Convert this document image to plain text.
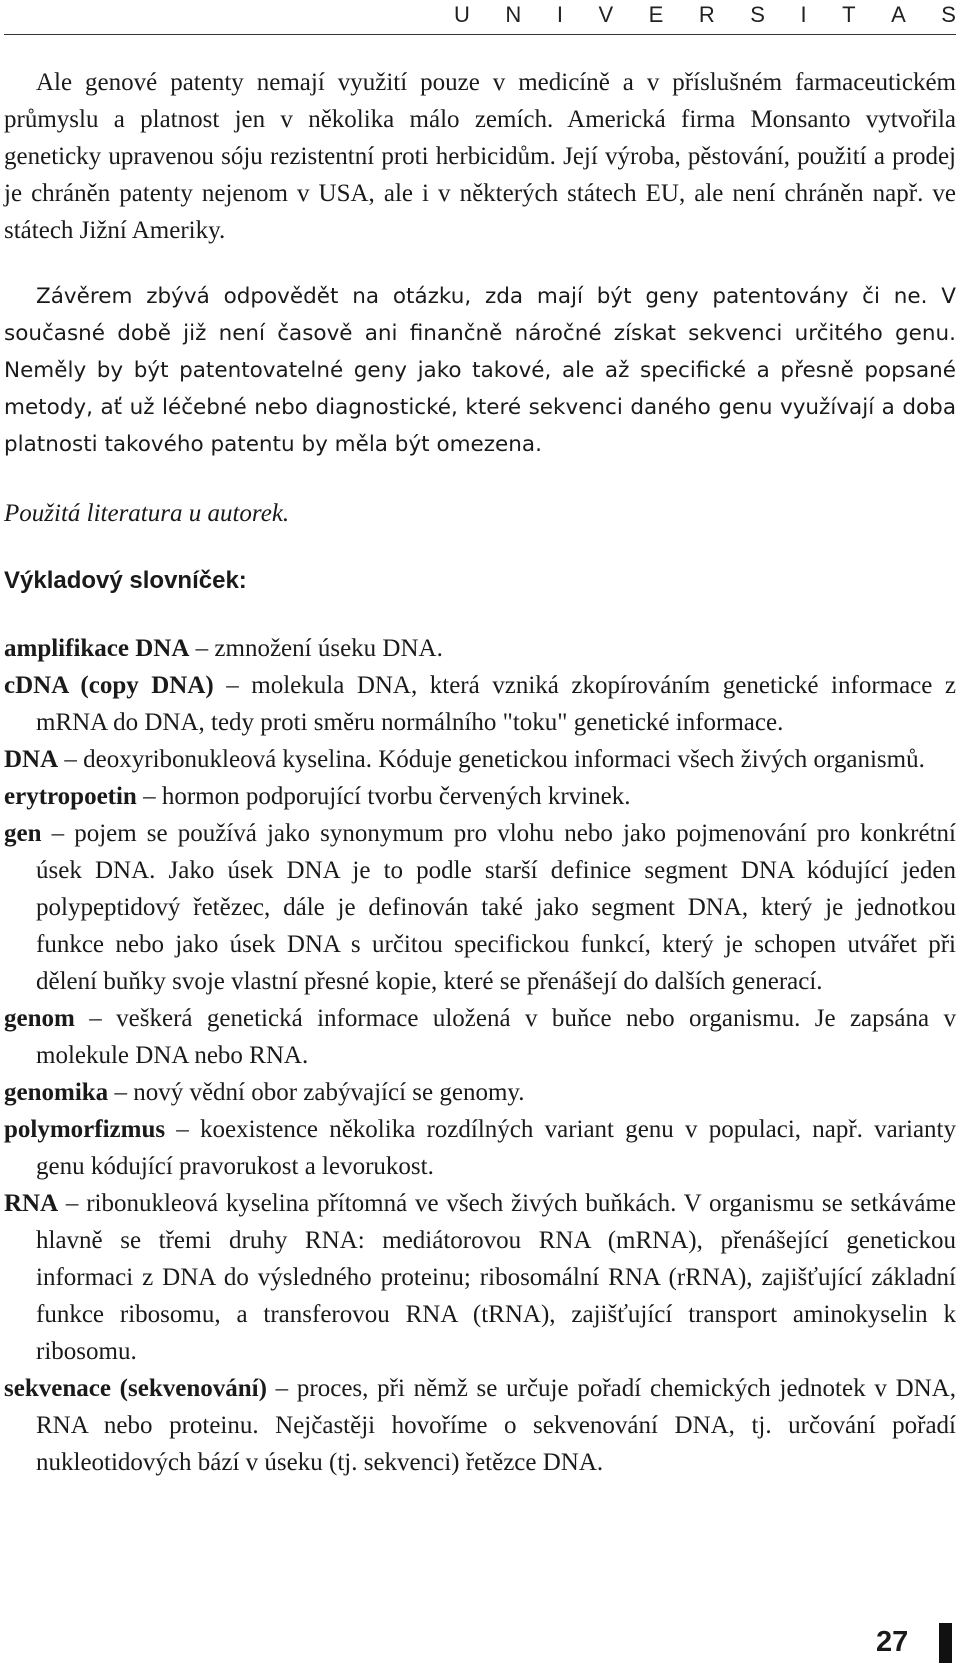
U N I V E R S I T A S

Ale genové patenty nemají využití pouze v medicíně a v příslušném farmaceutickém průmyslu a platnost jen v několika málo zemích. Americká firma Monsanto vytvořila geneticky upravenou sóju rezistentní proti herbicidům. Její výroba, pěstování, použití a prodej je chráněn patenty nejenom v USA, ale i v některých státech EU, ale není chráněn např. ve státech Jižní Ameriky.

Závěrem zbývá odpovědět na otázku, zda mají být geny patentovány či ne. V současné době již není časově ani finančně náročné získat sekvenci určitého genu. Neměly by být patentovatelné geny jako takové, ale až specifické a přesně popsané metody, ať už léčebné nebo diagnostické, které sekvenci daného genu využívají a doba platnosti takového patentu by měla být omezena.

Použitá literatura u autorek.

Výkladový slovníček:

amplifikace DNA – zmnožení úseku DNA.

cDNA (copy DNA) – molekula DNA, která vzniká zkopírováním genetické informace z mRNA do DNA, tedy proti směru normálního "toku" genetické informace.

DNA – deoxyribonukleová kyselina. Kóduje genetickou informaci všech živých organismů.

erytropoetin – hormon podporující tvorbu červených krvinek.

gen – pojem se používá jako synonymum pro vlohu nebo jako pojmenování pro konkrétní úsek DNA. Jako úsek DNA je to podle starší definice segment DNA kódující jeden polypeptidový řetězec, dále je definován také jako segment DNA, který je jednotkou funkce nebo jako úsek DNA s určitou specifickou funkcí, který je schopen utvářet při dělení buňky svoje vlastní přesné kopie, které se přenášejí do dalších generací.

genom – veškerá genetická informace uložená v buňce nebo organismu. Je zapsána v molekule DNA nebo RNA.

genomika – nový vědní obor zabývající se genomy.

polymorfizmus – koexistence několika rozdílných variant genu v populaci, např. varianty genu kódující pravorukost a levorukost.

RNA – ribonukleová kyselina přítomná ve všech živých buňkách. V organismu se setkáváme hlavně se třemi druhy RNA: mediátorovou RNA (mRNA), přenášející genetickou informaci z DNA do výsledného proteinu; ribosomální RNA (rRNA), zajišťující základní funkce ribosomu, a transferovou RNA (tRNA), zajišťující transport aminokyselin k ribosomu.

sekvenace (sekvenování) – proces, při němž se určuje pořadí chemických jednotek v DNA, RNA nebo proteinu. Nejčastěji hovoříme o sekvenování DNA, tj. určování pořadí nukleotidových bází v úseku (tj. sekvenci) řetězce DNA.

27
